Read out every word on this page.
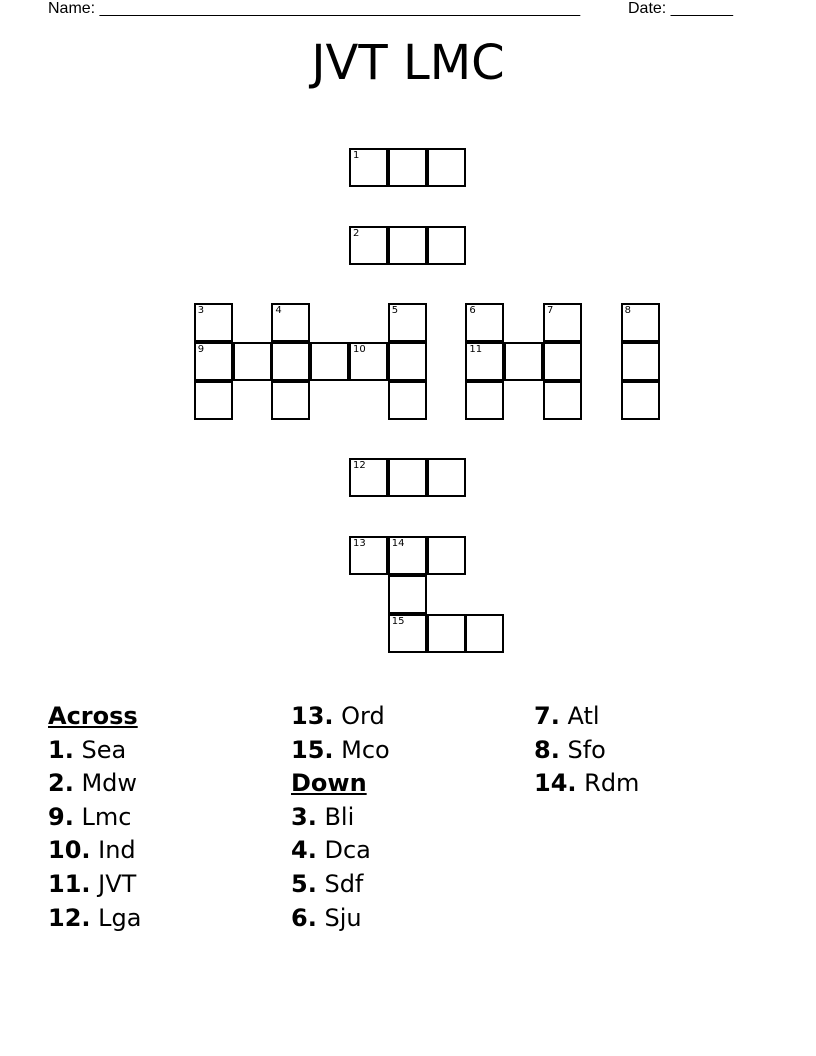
Name: ______________________________________________________	Date: _______
JVT LMC
1
2
3	4	5	6	7	8
9	10	11
12
13	14
15
Across
1. Sea
2. Mdw
9. Lmc
10. Ind
11. JVT
12. Lga
13. Ord
15. Mco
Down
3. Bli
4. Dca
5. Sdf
6. Sju
7. Atl
8. Sfo
14. Rdm
